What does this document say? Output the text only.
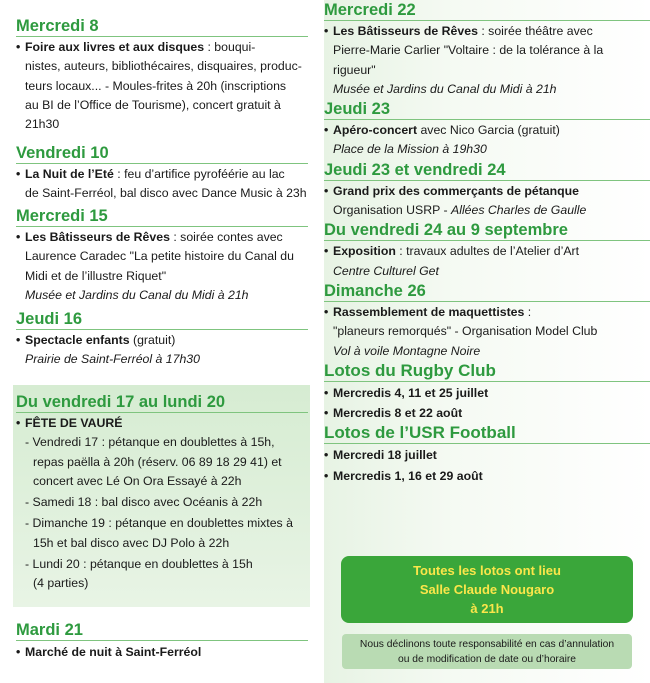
Mercredi 8
• Foire aux livres et aux disques : bouqui-
nistes, auteurs, bibliothécaires, disquaires, produc-
teurs locaux... - Moules-frites à 20h (inscriptions
au BI de l’Office de Tourisme), concert gratuit à
21h30
Vendredi 10
• La Nuit de l’Eté : feu d’artifice pyroféérie au lac
de Saint-Ferréol, bal disco avec Dance Music à 23h
Mercredi 15
• Les Bâtisseurs de Rêves : soirée contes avec
Laurence Caradec "La petite histoire du Canal du
Midi et de l’illustre Riquet"
Musée et Jardins du Canal du Midi à 21h
Jeudi 16
• Spectacle enfants (gratuit)
Prairie de Saint-Ferréol à 17h30
Du vendredi 17 au lundi 20
• FÊTE DE VAURÉ
- Vendredi 17 : pétanque en doublettes à 15h,
repas paëlla à 20h (réserv. 06 89 18 29 41) et
concert avec Lé On Ora Essayé à 22h
- Samedi 18 : bal disco avec Océanis à 22h
- Dimanche 19 : pétanque en doublettes mixtes à
15h et bal disco avec DJ Polo à 22h
- Lundi 20 : pétanque en doublettes à 15h
(4 parties)
Mardi 21
• Marché de nuit à Saint-Ferréol
Mercredi 22
• Les Bâtisseurs de Rêves : soirée théâtre avec
Pierre-Marie Carlier "Voltaire : de la tolérance à la
rigueur"
Musée et Jardins du Canal du Midi à 21h
Jeudi 23
• Apéro-concert avec Nico Garcia (gratuit)
Place de la Mission à 19h30
Jeudi 23 et vendredi 24
• Grand prix des commerçants de pétanque
Organisation USRP - Allées Charles de Gaulle
Du vendredi 24 au 9 septembre
• Exposition : travaux adultes de l’Atelier d’Art
Centre Culturel Get
Dimanche 26
• Rassemblement de maquettistes :
"planeurs remorqués" - Organisation Model Club
Vol à voile Montagne Noire
Lotos du Rugby Club
• Mercredis 4, 11 et 25 juillet
• Mercredis 8 et 22 août
Lotos de l’USR Football
• Mercredi 18 juillet
• Mercredis 1, 16 et 29 août
Toutes les lotos ont lieu
Salle Claude Nougaro
à 21h
Nous déclinons toute responsabilité en cas d’annulation
ou de modification de date ou d’horaire
